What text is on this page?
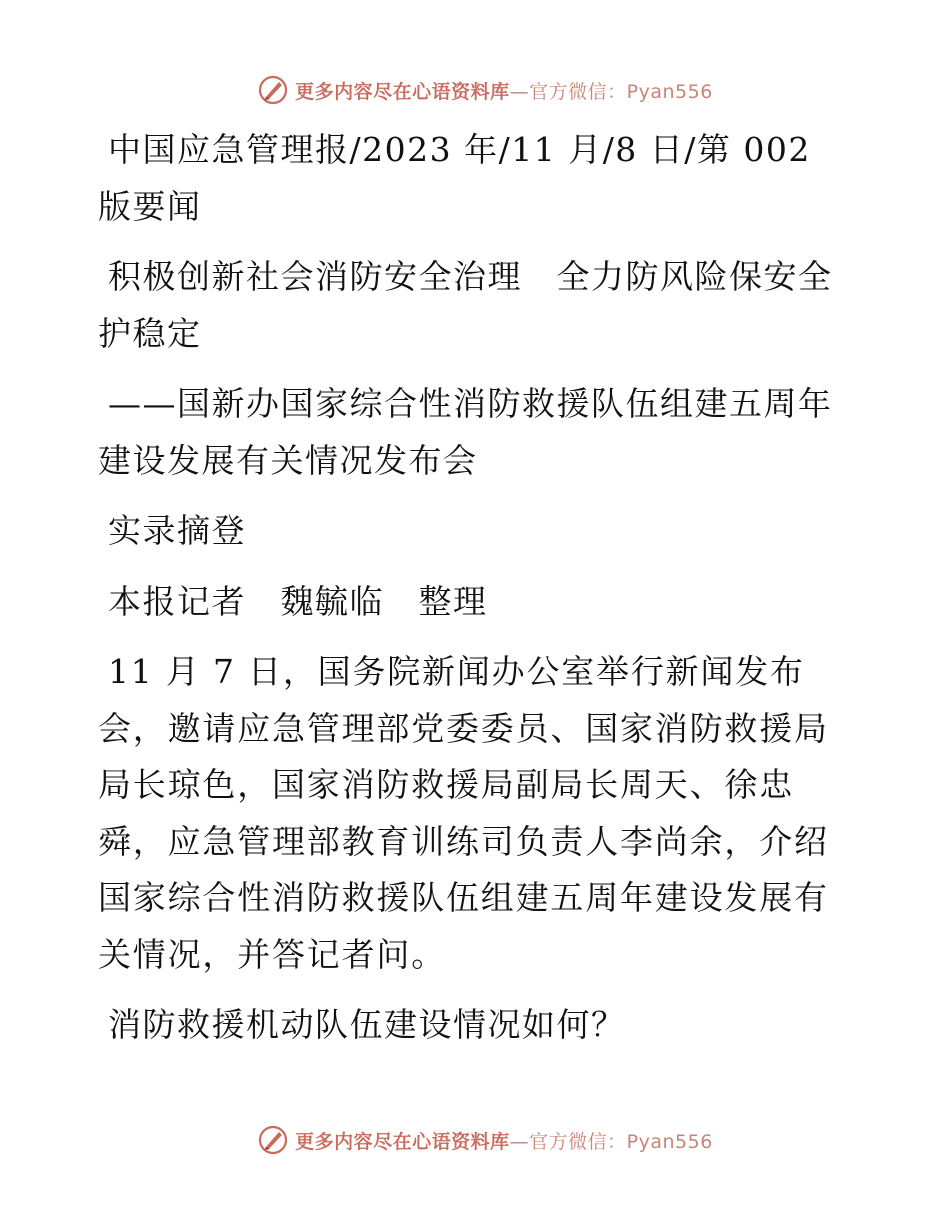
更多内容尽在心语资料库—官方微信：Pyan556

中国应急管理报/2023 年/11 月/8 日/第 002 版要闻

积极创新社会消防安全治理　全力防风险保安全护稳定

——国新办国家综合性消防救援队伍组建五周年建设发展有关情况发布会

实录摘登

本报记者　魏毓临　整理

11 月 7 日，国务院新闻办公室举行新闻发布会，邀请应急管理部党委委员、国家消防救援局局长琼色，国家消防救援局副局长周天、徐忠舜，应急管理部教育训练司负责人李尚余，介绍国家综合性消防救援队伍组建五周年建设发展有关情况，并答记者问。

消防救援机动队伍建设情况如何？

更多内容尽在心语资料库—官方微信：Pyan556
